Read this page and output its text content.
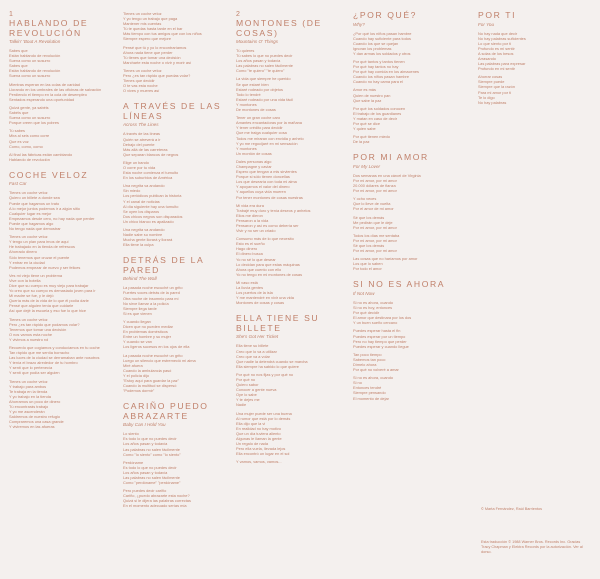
1
HABLANDO DE REVOLUCIÓN
Talkin' 'Bout A Revolution
Sabes que
Están hablando de revolución
Suena como un susurro
Sabes que
Están hablando de revolución
Suena como un susurro
Mientras esperan en las colas de caridad
Llorando en los umbrales de las oficinas de salvación
Perdiendo el tiempo en la cola de desempleo
Sentados esperando una oportunidad
Quizá gente, ya sabéis
Sabéis que
Suena como un susurro
Porque creen que los pobres
Tú sabes
Mira al seis como corre
Que es voz
Como, como, como
Al final las fábricas están cambiando
Hablando de revolución
COCHE VELOZ
Fast Car
Tienes un coche veloz
Quiero un billete a donde sea
Puede que hagamos un trato
A lo mejor juntos podemos ir a algún sitio
Cualquier lugar es mejor
Empezamos desde cero, no hay nada que perder
Puede que hagamos algo
No tengo nada que demostrar
Tienes un coche veloz
Y tengo un plan para irnos de aquí
He trabajado en la tienda de refrescos
Ahorrado dinero
Sólo tenemos que cruzar el puente
Y entrar en la ciudad
Podemos empezar de nuevo y ser felices
Ves mi viejo tiene un problema
Vive con la botella
Dice que su cuerpo es muy viejo para trabajar
Yo creo que su cuerpo es demasiado joven para ir
Mi madre se fue, y le dejó
Quería más de la vida de lo que él podía darle
Pensé que alguien tenía que cuidarle
Así que dejé la escuela y eso fue lo que hice
Tienes un coche veloz
Pero ¿es tan rápido que podamos volar?
Tenemos que tomar una decisión
O nos vamos esta noche
Y vivimos a nuestro rol
Recuerdo que cogíamos y conducíamos en tu coche
Tan rápido que me sentía borracho
Las luces de la ciudad se derramaban ante nosotros
Y tenía el brazo alrededor de tu hombro
Y sentí que lo pertenecía
Y sentí que podía ser alguien
Tienes un coche veloz
Y trabajo para ambos
Te trabaja en la tienda
Y yo trabajo en la tienda
Ahorramos un poco de dinero
Tú encontrarás trabajo
Y yo me ascenderán
Saldremos de nuestro refugio
Compraremos una casa grande
Y viviremos en las afueras
Tienes un coche veloz
Y yo tengo un trabajo que paga
Mantener mis cuentas
Tú te quedas hasta tarde en el bar
Más tiempo con tus amigos que con los niños
Siempre espero que mejore
Pensé que tú y yo lo encontraríamos
Ahora nada tiene que perder
Tú tienes que tomar una decisión
Marcharte esta noche o vivir y morir así
Tienes un coche veloz
Pero ¿es tan rápido que puedas volar?
Tienes que decidir
O te vas esta noche
O vives y mueres así
A TRAVÉS DE LAS LÍNEAS
Across The Lines
A través de las líneas
Quién se atreverá a ir
Debajo del puente
Más allá de las carreteras
Que separan blancos de negros
Elige un bando
O corre por tu vida
Esta noche comienza el tumulto
En los suburbios de América
Una negrita va andando
Sin miedo
Los periódicos publican la historia
Y el canal de noticias
Al día siguiente hay una tumulto
Se oyen los disparos
Dos chicos negros son disparados
Un chico blanco es apalizado
Una negrita va andando
Nadie sabe su nombre
Mucha gente llorará y llorará
Ella tiene la culpa
DETRÁS DE LA PARED
Behind The Wall
La pasada noche escuché un grito
Fuertes voces detrás de la pared
Otra noche de insomnio para mí
No sirve llamar a la policía
Siempre llega tarde
Si es que vienen
Y cuando llegan
Dicen que no pueden mediar
En problemas domésticos
Entre un hombre y su mujer
Y cuando se van
Los ligeros sucesos en los ojos de ella
La pasada noche escuché un grito
Luego un silencio que estremeció mi alma
Miré afuera
Cuando la ambulancia pasó
Y el policía dijo
"Estoy aquí para guardar la paz"
Cuando la multitud se dispersó
"Podemos dormir"
CARIÑO PUEDO ABRAZARTE
Baby Can I Hold You
Lo siento
Es todo lo que no puedes decir
Los años pasan y todavía
Las palabras no salen fácilmente
Como "lo siento" como "lo siento"
Perdóname
Es todo lo que no puedes decir
Los años pasan y todavía
Las palabras no salen fácilmente
Como "perdóname" "perdóname"
Pero puedes decir cariño
Cariño, ¿puedo abrazarte esta noche?
Quizá si le dijera las palabras correctas
En el momento adecuado serías mía
2
MONTONES (DE COSAS)
Mountains O' Things
Tú quieres
Tú sabes lo que no puedes decir
Los años pasan y todavía
Las palabras no salen fácilmente
Como "te quiero" "te quiero"
La vida que siempre he querido
Se que estaré bien
Estaré rodeado por objetos
Todo lo tendré
Estaré rodeado por una vida fácil
Y montones
De montones de cosas
Tener un gran coche caro
Amantes encantadoras por la mañana
Y tener crédito para decidir
Que me traiga cualquier cosa
Todos me miraran con envidia y anhelo
Y yo me regocijaré en mi sensación
Y montones
Un montón de cosas
Dales personas algo
Champagne y caviar
Espero que tengan a mis sirvientes
Porque si sólo tienen doncellas
Los que desearía con toda mi alma
Y apoyarnos el valor del dinero
Y aquellos cuya vida mueren
Por tener montones de cosas nuestras
Mi vida era dura
Trabajé muy duro y tenía deseos y anhelos
Ellos me dieron
Pensaron a la vida
Pensaron y así es como debería ser
Vivir y no ser un criado
Consumo más de lo que necesito
Esto es el sueño
Hago dinero
El dinero busca
Yo no sé lo que desear
Lo decidan para que estas máquinas
Ahora que cuento con ello
Yo no tengo en mi montones de cosas
Mi vaso está
La lluvia gentes
Los puertos de la isla
Y me mantendré en vivir una vida
Montones de cosas y cosas
ELLA TIENE SU BILLETE
She's Got Her Ticket
Ella tiene su billete
Creo que lo va a utilizar
Creo que va a volar
Que nadie la detendrá cuando se marcha
Ella siempre ha sabido lo que quiere
Por qué no nos fijas y por qué no
Por qué no
Quiero sabor
Conocer a gente nueva
Oye lo sabe
Y te dejes me
Nadie
Una mujer puede ser una buena
Al rumor que está por lo demás
Ella dijo que la vi
En realidad no hay motivo
Que un día tuviera aliento
Algunas le llaman la gente
Un regalo de nada
Pero ella vuela, llevada lejos
Ella encontró un lugar en el sol
Y vamos, vamos, vamos...
¿POR QUÉ?
Why?
¿Por qué los niños pasan hambre
Cuando hay suficiente para todos
Cuando los que se quejan
Ignoran los problemas
Y dan armas los soldados y otros
Por qué tantos y tantos tienen
Por qué hay tantos no hay
Por qué hay comida en los almacenes
Cuando los niños pasan hambre
Cuando no hay cama para el
Amor es más
Quien de nuestro pan
Que sabe la paz
Por qué los soldados conocen
El trabajo de los guardianes
Y matan en caso de decir
Por qué se dice
Y quien sabe
Por qué tienen miedo
De la paz
POR MI AMOR
For My Lover
Dos semanas en una cárcel de Virginia
Por mi amor, por mi amor
20.000 dólares de fianza
Por mi amor, por mi amor
Y ocho veces
Que lo lleve de vuelta
Por el amor de mi amor
Sé que los demás
Me pedirán que le deje
Por mi amor, por mi amor
Todos los días me sentaba
Por mi amor, por mi amor
Sé que los demás
Por mi amor, por mi amor
Las cosas que no haríamos por amor
Los que lo saben
Por todo el amor
SI NO ES AHORA
If Not Now
Si no es ahora, cuando
Si no es hoy, entonces
Por qué decidir
El amor que destinara por los dos
Y un buen sueño cercano
Puedes esperar hasta el fin
Puedes esperar por un tiempo
Pero no hay tiempo que perder
Puedes esperar y cuando llegue
Tan poco tiempo
Sabemos tan poco
Dímelo ahora
Por qué no volveré a amar
Si no es ahora, cuando
Si no
Entonces tendré
Siempre pensando
El momento de dejar
POR TI
For You
No hay nada que decir
No hay palabras suficientes
Lo que siento por ti
Profundo es mi sentir
A solas de los besos
Arrasando
Las palabras para expresar
Profundo en mi sentir
Ahorrar cosas
Siempre puede
Siempre que la razón
Para mi amor por ti
Te lo digo
No hay palabras
© Marta Fernández, Raúl Barrientos
Esta traducción © 1988 Warner Bros. Records Inc. Gracias Tracy Chapman y Elektra Records por la autorización. Ver al dorso.
